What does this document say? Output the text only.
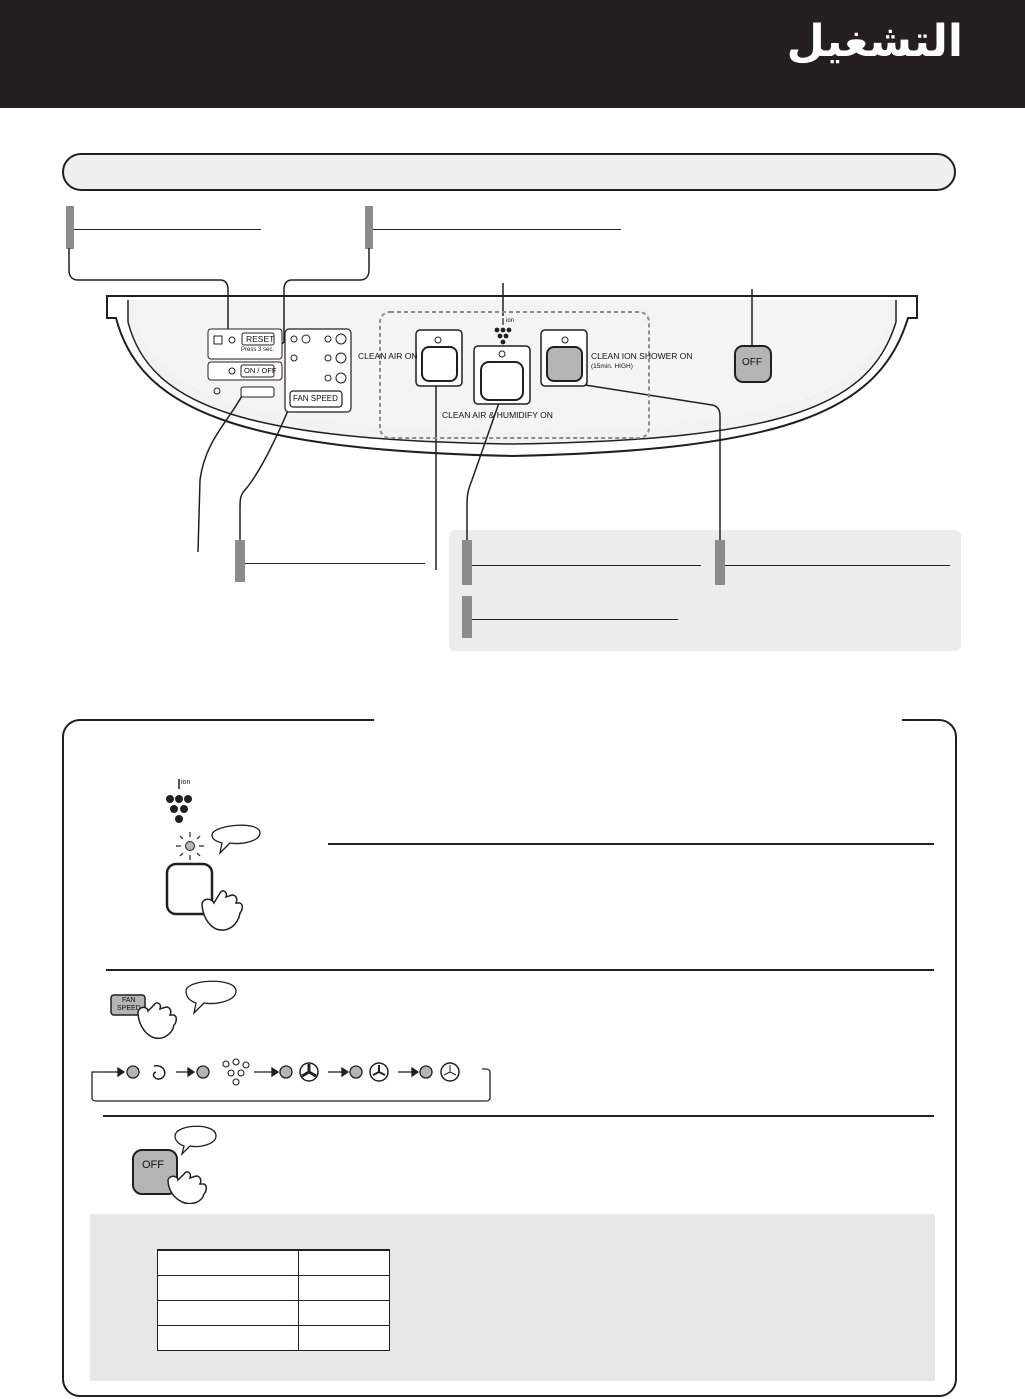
التشغيل
RESET
Press 3 sec.
ON / OFF
FAN SPEED
CLEAN AIR ON
ion
CLEAN AIR & HUMIDIFY ON
CLEAN ION SHOWER ON
(15min. HIGH)	OFF
ion
FAN
SPEED
OFF
